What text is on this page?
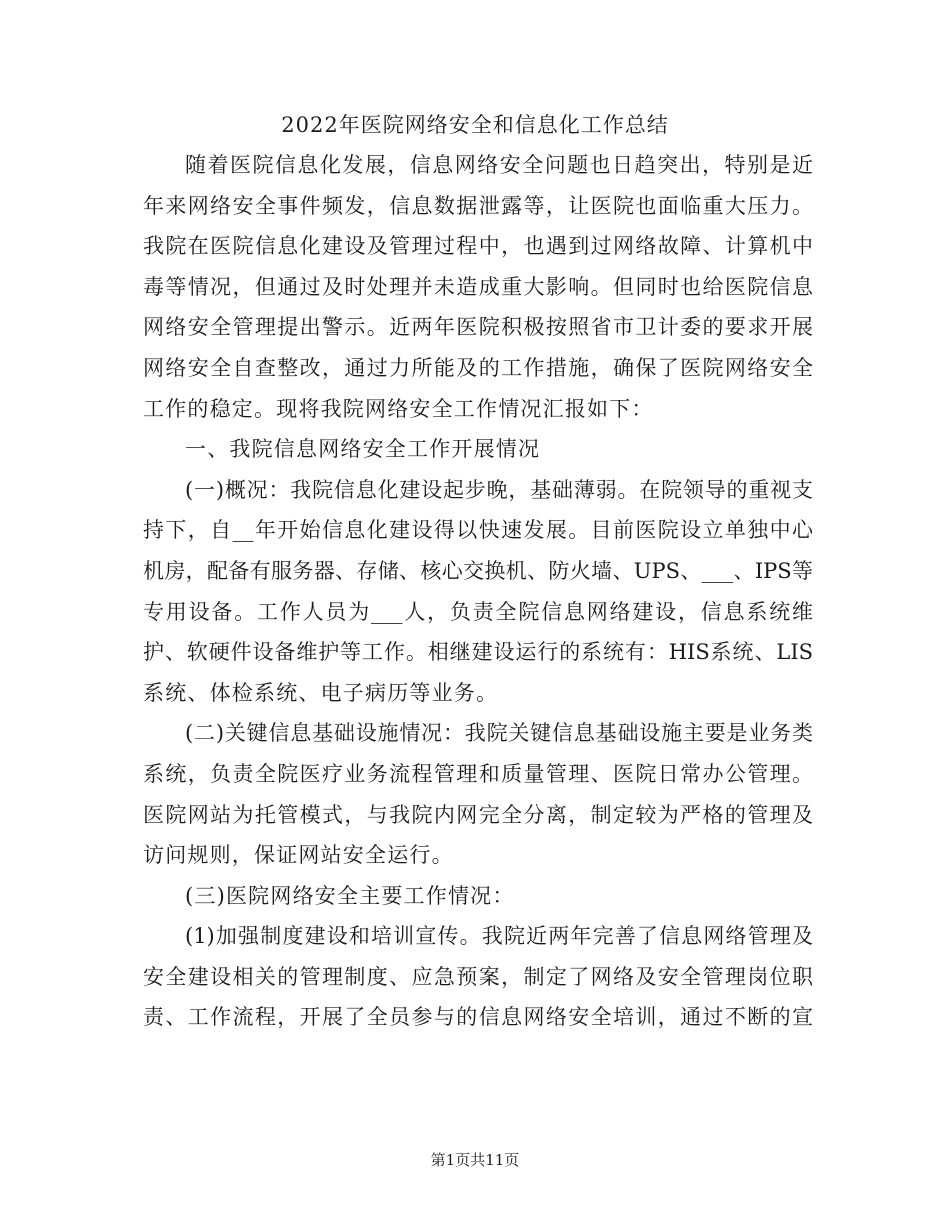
2022年医院网络安全和信息化工作总结
随着医院信息化发展，信息网络安全问题也日趋突出，特别是近
年来网络安全事件频发，信息数据泄露等，让医院也面临重大压力。
我院在医院信息化建设及管理过程中，也遇到过网络故障、计算机中
毒等情况，但通过及时处理并未造成重大影响。但同时也给医院信息
网络安全管理提出警示。近两年医院积极按照省市卫计委的要求开展
网络安全自查整改，通过力所能及的工作措施，确保了医院网络安全
工作的稳定。现将我院网络安全工作情况汇报如下：
一、我院信息网络安全工作开展情况
(一)概况：我院信息化建设起步晚，基础薄弱。在院领导的重视支
持下，自__年开始信息化建设得以快速发展。目前医院设立单独中心
机房，配备有服务器、存储、核心交换机、防火墙、UPS、___、IPS等
专用设备。工作人员为___人，负责全院信息网络建设，信息系统维
护、软硬件设备维护等工作。相继建设运行的系统有：HIS系统、LIS
系统、体检系统、电子病历等业务。
(二)关键信息基础设施情况：我院关键信息基础设施主要是业务类
系统，负责全院医疗业务流程管理和质量管理、医院日常办公管理。
医院网站为托管模式，与我院内网完全分离，制定较为严格的管理及
访问规则，保证网站安全运行。
(三)医院网络安全主要工作情况：
(1)加强制度建设和培训宣传。我院近两年完善了信息网络管理及
安全建设相关的管理制度、应急预案，制定了网络及安全管理岗位职
责、工作流程，开展了全员参与的信息网络安全培训，通过不断的宣
第1页共11页
